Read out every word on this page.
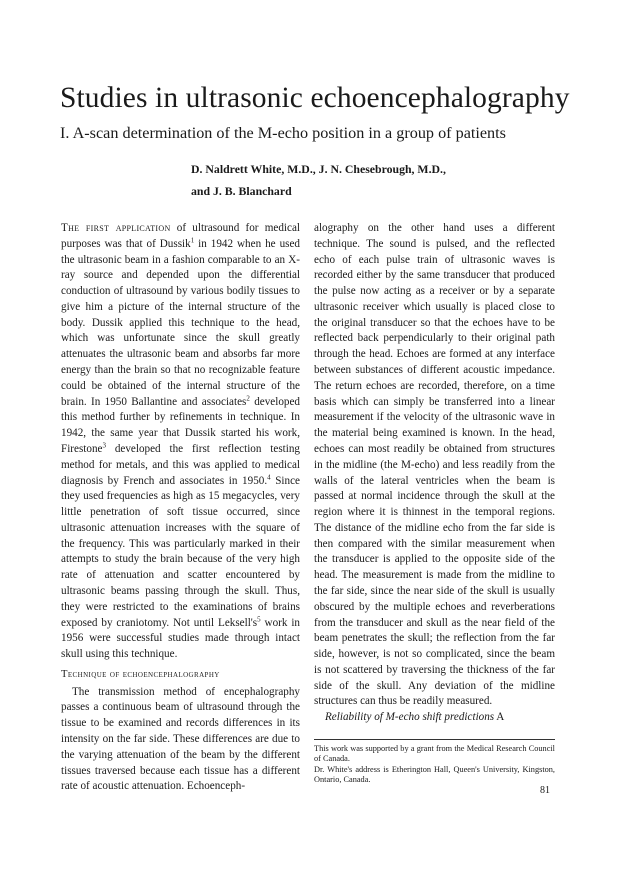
Studies in ultrasonic echoencephalography
I. A-scan determination of the M-echo position in a group of patients
D. Naldrett White, M.D., J. N. Chesebrough, M.D.,
and J. B. Blanchard

The first application of ultrasound for medical purposes was that of Dussik$^1$ in 1942 when he used the ultrasonic beam in a fashion comparable to an X-ray source and depended upon the differential conduction of ultrasound by various bodily tissues to give him a picture of the internal structure of the body. Dussik applied this technique to the head, which was unfortunate since the skull greatly attenuates the ultrasonic beam and absorbs far more energy than the brain so that no recognizable feature could be obtained of the internal structure of the brain. In 1950 Ballantine and associates$^2$ developed this method further by refinements in technique. In 1942, the same year that Dussik started his work, Firestone$^3$ developed the first reflection testing method for metals, and this was applied to medical diagnosis by French and associates in 1950.$^4$ Since they used frequencies as high as 15 megacycles, very little penetration of soft tissue occurred, since ultrasonic attenuation increases with the square of the frequency. This was particularly marked in their attempts to study the brain because of the very high rate of attenuation and scatter encountered by ultrasonic beams passing through the skull. Thus, they were restricted to the examinations of brains exposed by craniotomy. Not until $Leksell's^5$ work in 1956 were successful studies made through intact skull using this technique.

Technique of echoencephalography

The transmission method of encephalography passes a continuous beam of ultrasound through the tissue to be examined and records differences in its intensity on the far side. These differences are due to the varying attenuation of the beam by the different tissues traversed because each tissue has a different rate of acoustic attenuation. Echoenceph-

alography on the other hand uses a different technique. The sound is pulsed, and the reflected echo of each pulse train of ultrasonic waves is recorded either by the same transducer that produced the pulse now acting as a receiver or by a separate ultrasonic receiver which usually is placed close to the original transducer so that the echoes have to be reflected back perpendicularly to their original path through the head. Echoes are formed at any interface between substances of different acoustic impedance. The return echoes are recorded, therefore, on a time basis which can simply be transferred into a linear measurement if the velocity of the ultrasonic wave in the material being examined is known. In the head, echoes can most readily be obtained from structures in the midline (the M-echo) and less readily from the walls of the lateral ventricles when the beam is passed at normal incidence through the skull at the region where it is thinnest in the temporal regions. The distance of the midline echo from the far side is then compared with the similar measurement when the transducer is applied to the opposite side of the head. The measurement is made from the midline to the far side, since the near side of the skull is usually obscured by the multiple echoes and reverberations from the transducer and skull as the near field of the beam penetrates the skull; the reflection from the far side, however, is not so complicated, since the beam is not scattered by traversing the thickness of the far side of the skull. Any deviation of the midline structures can thus be readily measured.

Reliability of M-echo shift predictions A

This work was supported by a grant from the Medical Research Council of Canada.

Dr. White's address is Etherington Hall, Queen's University, Kingston, Ontario, Canada.

81
